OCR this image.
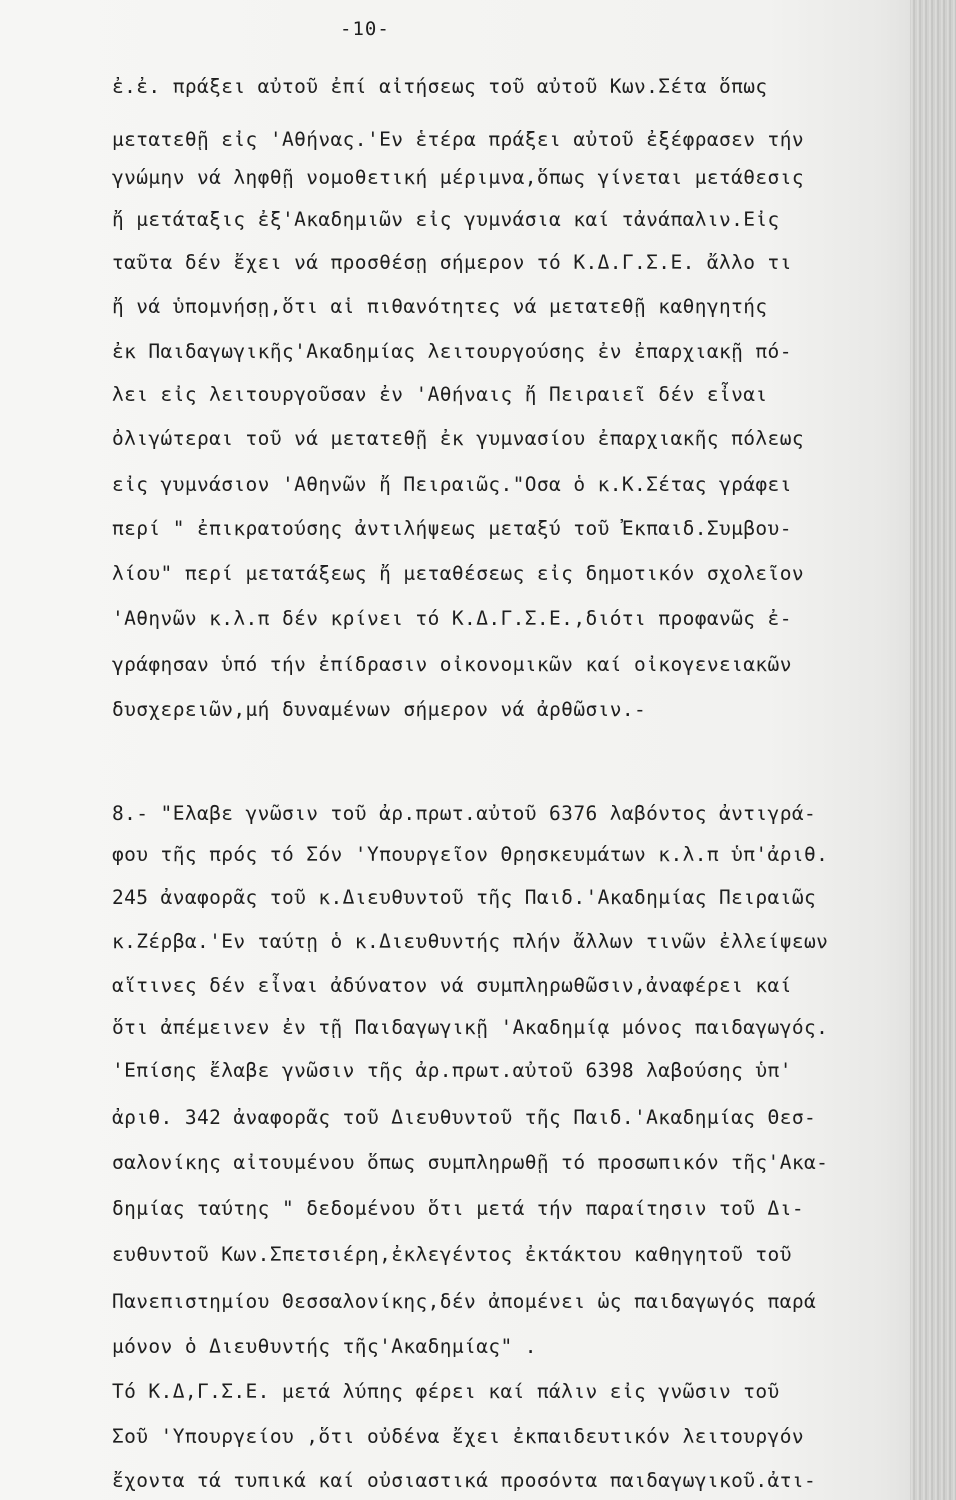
-10-
ἐ.ἐ. πράξει αὐτοῦ ἐπί αἰτήσεως τοῦ αὐτοῦ Κων.Σέτα ὅπως
μετατεθῇ εἰς 'Αθήνας.'Εν ἑτέρα πράξει αὐτοῦ ἐξέφρασεν τήν
γνώμην νά ληφθῇ νομοθετική μέριμνα,ὅπως γίνεται μετάθεσις
ἤ μετάταξις ἐξ'Ακαδημιῶν εἰς γυμνάσια καί τἀνάπαλιν.Εἰς
ταῦτα δέν ἔχει νά προσθέσῃ σήμερον τό Κ.Δ.Γ.Σ.Ε. ἄλλο τι
ἤ νά ὑπομνήσῃ,ὅτι αἱ πιθανότητες νά μετατεθῇ καθηγητής
ἐκ Παιδαγωγικῆς'Ακαδημίας λειτουργούσης ἐν ἐπαρχιακῇ πό-
λει εἰς λειτουργοῦσαν ἐν 'Αθήναις ἤ Πειραιεῖ δέν εἶναι
ὀλιγώτεραι τοῦ νά μετατεθῇ ἐκ γυμνασίου ἐπαρχιακῆς πόλεως
εἰς γυμνάσιον 'Αθηνῶν ἤ Πειραιῶς."Οσα ὁ κ.Κ.Σέτας γράφει
περί " ἐπικρατούσης ἀντιλήψεως μεταξύ τοῦ Ἐκπαιδ.Συμβου-
λίου" περί μετατάξεως ἤ μεταθέσεως εἰς δημοτικόν σχολεῖον
'Αθηνῶν κ.λ.π δέν κρίνει τό Κ.Δ.Γ.Σ.Ε.,διότι προφανῶς ἐ-
γράφησαν ὑπό τήν ἐπίδρασιν οἰκονομικῶν καί οἰκογενειακῶν
δυσχερειῶν,μή δυναμένων σήμερον νά ἀρθῶσιν.-
8.- "Ελαβε γνῶσιν τοῦ ἀρ.πρωτ.αὐτοῦ 6376 λαβόντος ἀντιγρά-
φου τῆς πρός τό Σόν 'Υπουργεῖον Θρησκευμάτων κ.λ.π ὑπ'ἀριθ.
245 ἀναφορᾶς τοῦ κ.Διευθυντοῦ τῆς Παιδ.'Ακαδημίας Πειραιῶς
κ.Ζέρβα.'Εν ταύτῃ ὁ κ.Διευθυντής πλήν ἄλλων τινῶν ἐλλείψεων
αἵτινες δέν εἶναι ἀδύνατον νά συμπληρωθῶσιν,ἀναφέρει καί
ὅτι ἀπέμεινεν ἐν τῇ Παιδαγωγικῇ 'Ακαδημίᾳ μόνος παιδαγωγός.
'Επίσης ἔλαβε γνῶσιν τῆς ἀρ.πρωτ.αὐτοῦ 6398 λαβούσης ὑπ'
ἀριθ. 342 ἀναφορᾶς τοῦ Διευθυντοῦ τῆς Παιδ.'Ακαδημίας Θεσ-
σαλονίκης αἰτουμένου ὅπως συμπληρωθῇ τό προσωπικόν τῆς'Ακα-
δημίας ταύτης " δεδομένου ὅτι μετά τήν παραίτησιν τοῦ Δι-
ευθυντοῦ Κων.Σπετσιέρη,ἐκλεγέντος ἐκτάκτου καθηγητοῦ τοῦ
Πανεπιστημίου Θεσσαλονίκης,δέν ἀπομένει ὡς παιδαγωγός παρά
μόνον ὁ Διευθυντής τῆς'Ακαδημίας" .
Τό Κ.Δ,Γ.Σ.Ε. μετά λύπης φέρει καί πάλιν εἰς γνῶσιν τοῦ
Σοῦ 'Υπουργείου ,ὅτι οὐδένα ἔχει ἐκπαιδευτικόν λειτουργόν
ἔχοντα τά τυπικά καί οὐσιαστικά προσόντα παιδαγωγικοῦ.ἀτι-
